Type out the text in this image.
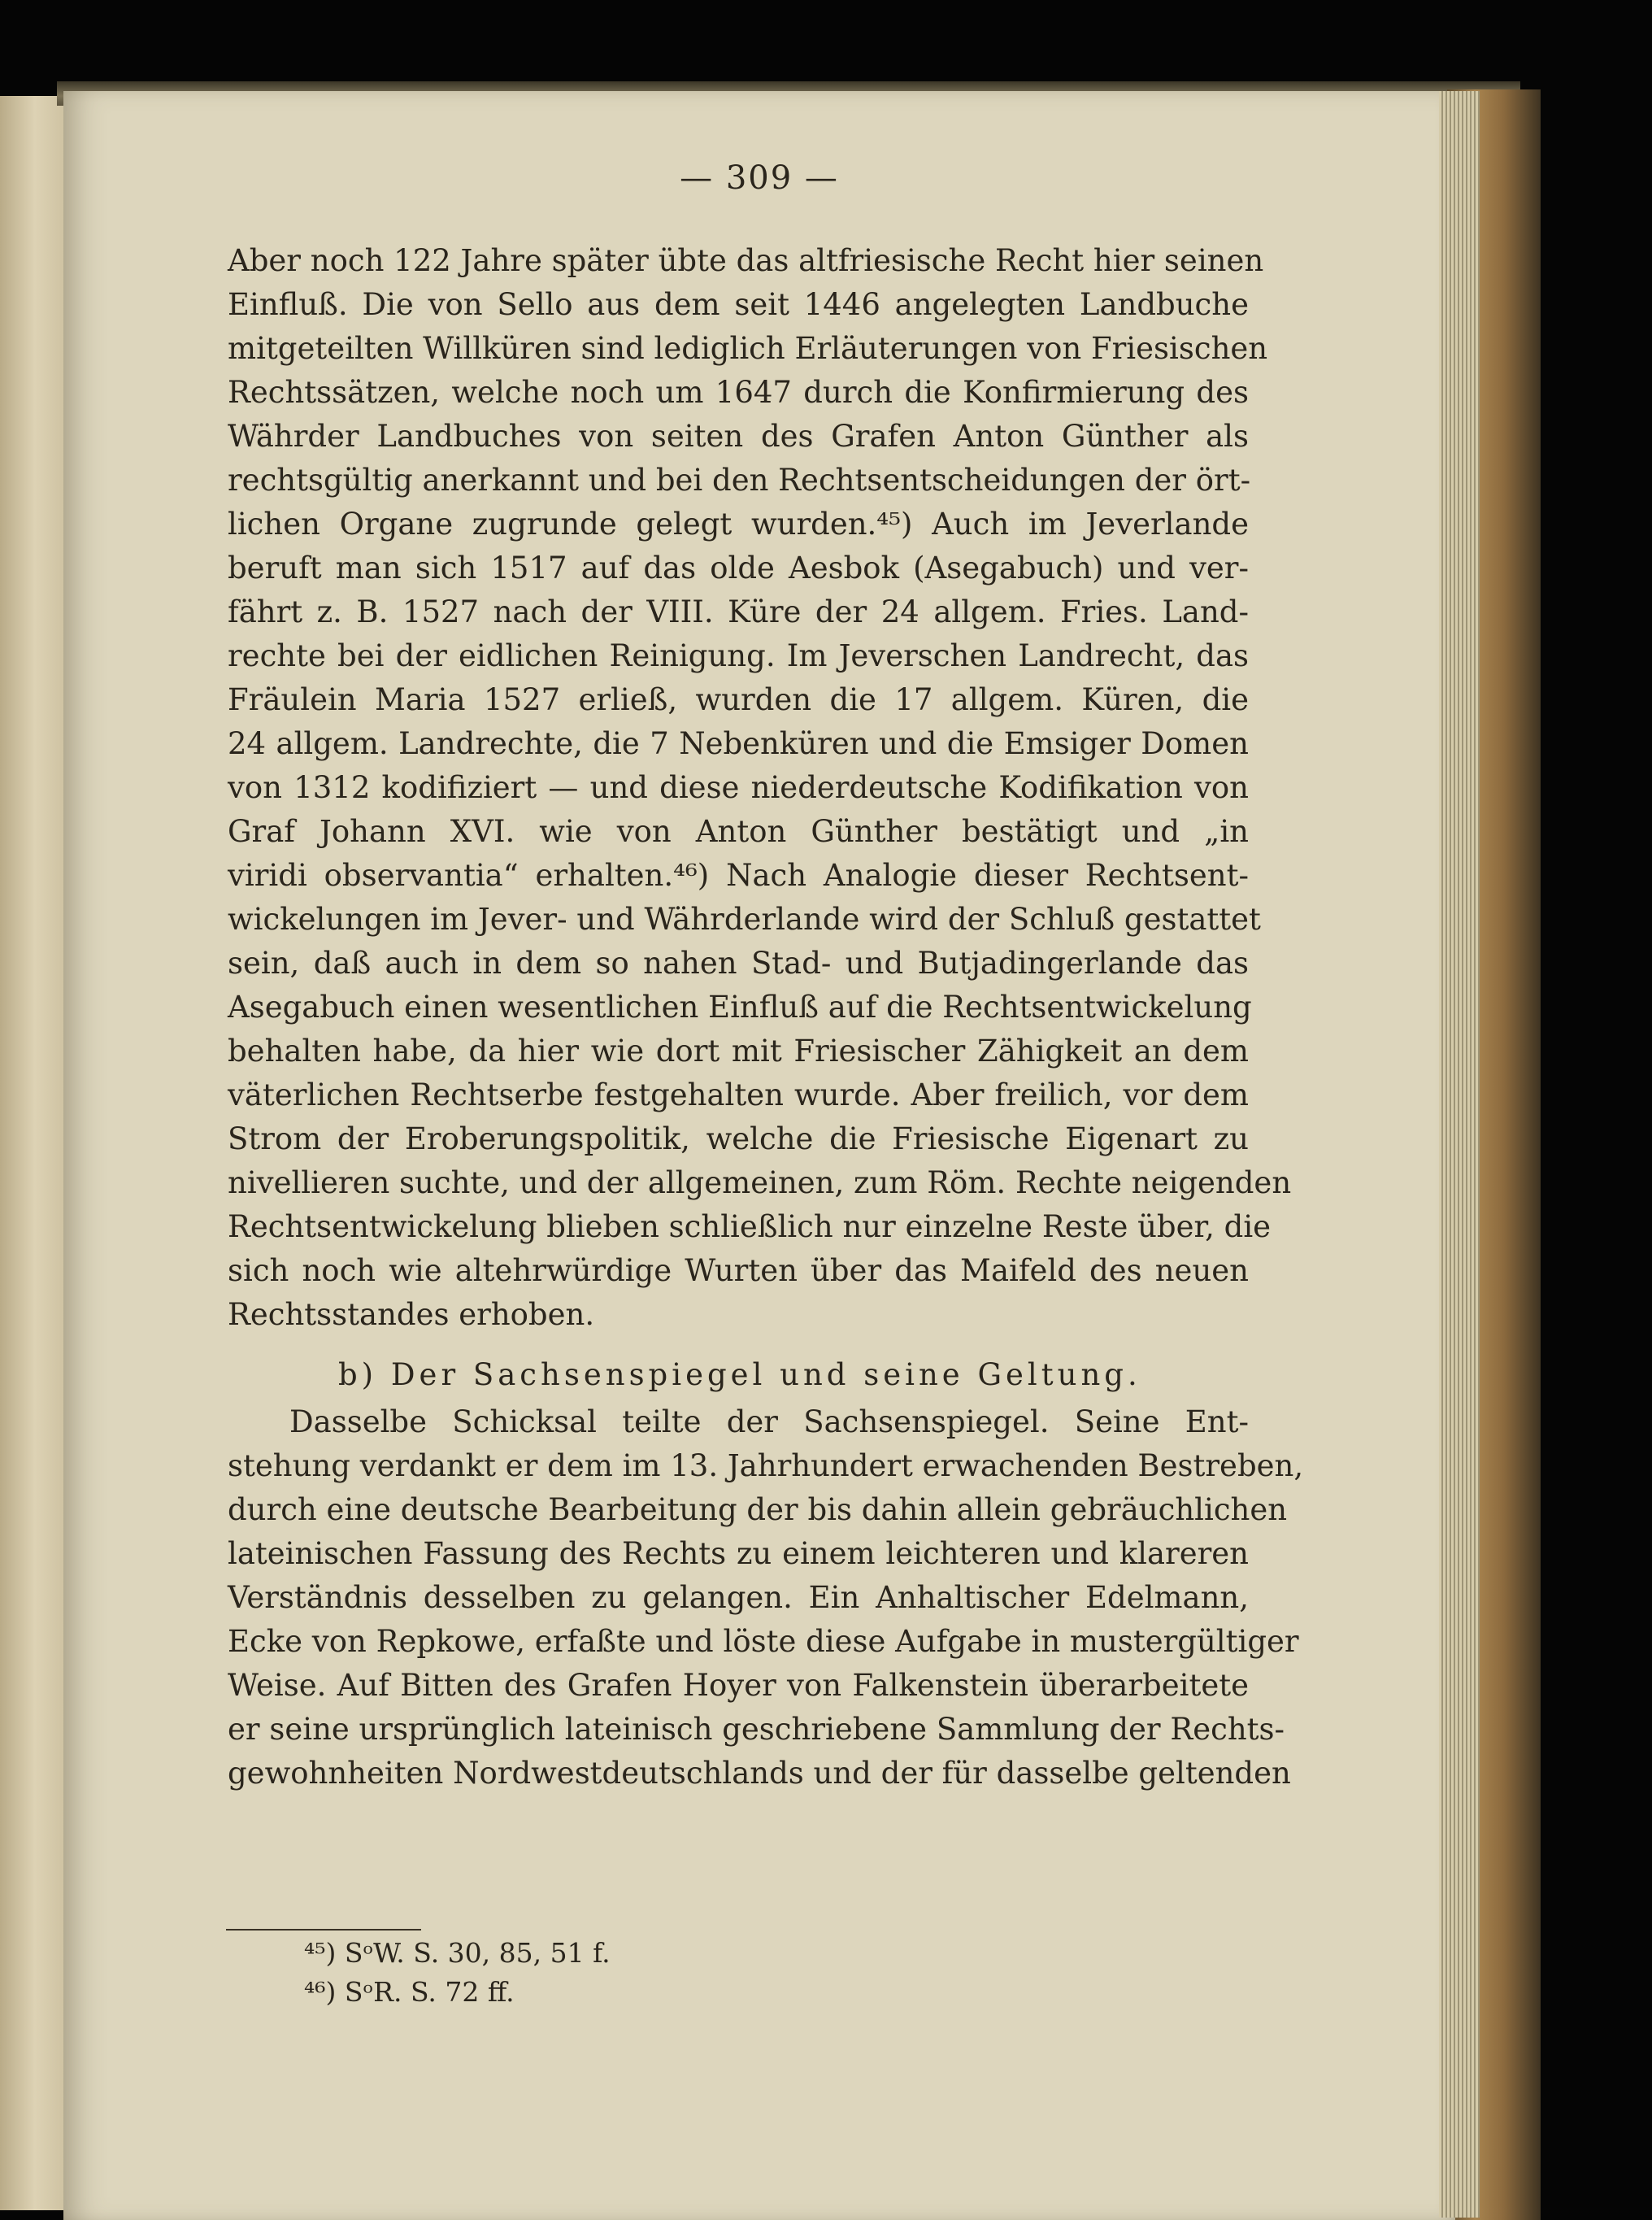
— 309 —
Aber noch 122 Jahre später übte das altfriesische Recht hier seinen
Einfluß. Die von Sello aus dem seit 1446 angelegten Landbuche
mitgeteilten Willküren sind lediglich Erläuterungen von Friesischen
Rechtssätzen, welche noch um 1647 durch die Konfirmierung des
Währder Landbuches von seiten des Grafen Anton Günther als
rechtsgültig anerkannt und bei den Rechtsentscheidungen der ört-
lichen Organe zugrunde gelegt wurden.⁴⁵) Auch im Jeverlande
beruft man sich 1517 auf das olde Aesbok (Asegabuch) und ver-
fährt z. B. 1527 nach der VIII. Küre der 24 allgem. Fries. Land-
rechte bei der eidlichen Reinigung. Im Jeverschen Landrecht, das
Fräulein Maria 1527 erließ, wurden die 17 allgem. Küren, die
24 allgem. Landrechte, die 7 Nebenküren und die Emsiger Domen
von 1312 kodifiziert — und diese niederdeutsche Kodifikation von
Graf Johann XVI. wie von Anton Günther bestätigt und „in
viridi observantia“ erhalten.⁴⁶) Nach Analogie dieser Rechtsent-
wickelungen im Jever- und Währderlande wird der Schluß gestattet
sein, daß auch in dem so nahen Stad- und Butjadingerlande das
Asegabuch einen wesentlichen Einfluß auf die Rechtsentwickelung
behalten habe, da hier wie dort mit Friesischer Zähigkeit an dem
väterlichen Rechtserbe festgehalten wurde. Aber freilich, vor dem
Strom der Eroberungspolitik, welche die Friesische Eigenart zu
nivellieren suchte, und der allgemeinen, zum Röm. Rechte neigenden
Rechtsentwickelung blieben schließlich nur einzelne Reste über, die
sich noch wie altehrwürdige Wurten über das Maifeld des neuen
Rechtsstandes erhoben.
b) Der Sachsenspiegel und seine Geltung.
Dasselbe Schicksal teilte der Sachsenspiegel. Seine Ent-
stehung verdankt er dem im 13. Jahrhundert erwachenden Bestreben,
durch eine deutsche Bearbeitung der bis dahin allein gebräuchlichen
lateinischen Fassung des Rechts zu einem leichteren und klareren
Verständnis desselben zu gelangen. Ein Anhaltischer Edelmann,
Ecke von Repkowe, erfaßte und löste diese Aufgabe in mustergültiger
Weise. Auf Bitten des Grafen Hoyer von Falkenstein überarbeitete
er seine ursprünglich lateinisch geschriebene Sammlung der Rechts-
gewohnheiten Nordwestdeutschlands und der für dasselbe geltenden
⁴⁵) SᵒW. S. 30, 85, 51 f.
⁴⁶) SᵒR. S. 72 ff.
